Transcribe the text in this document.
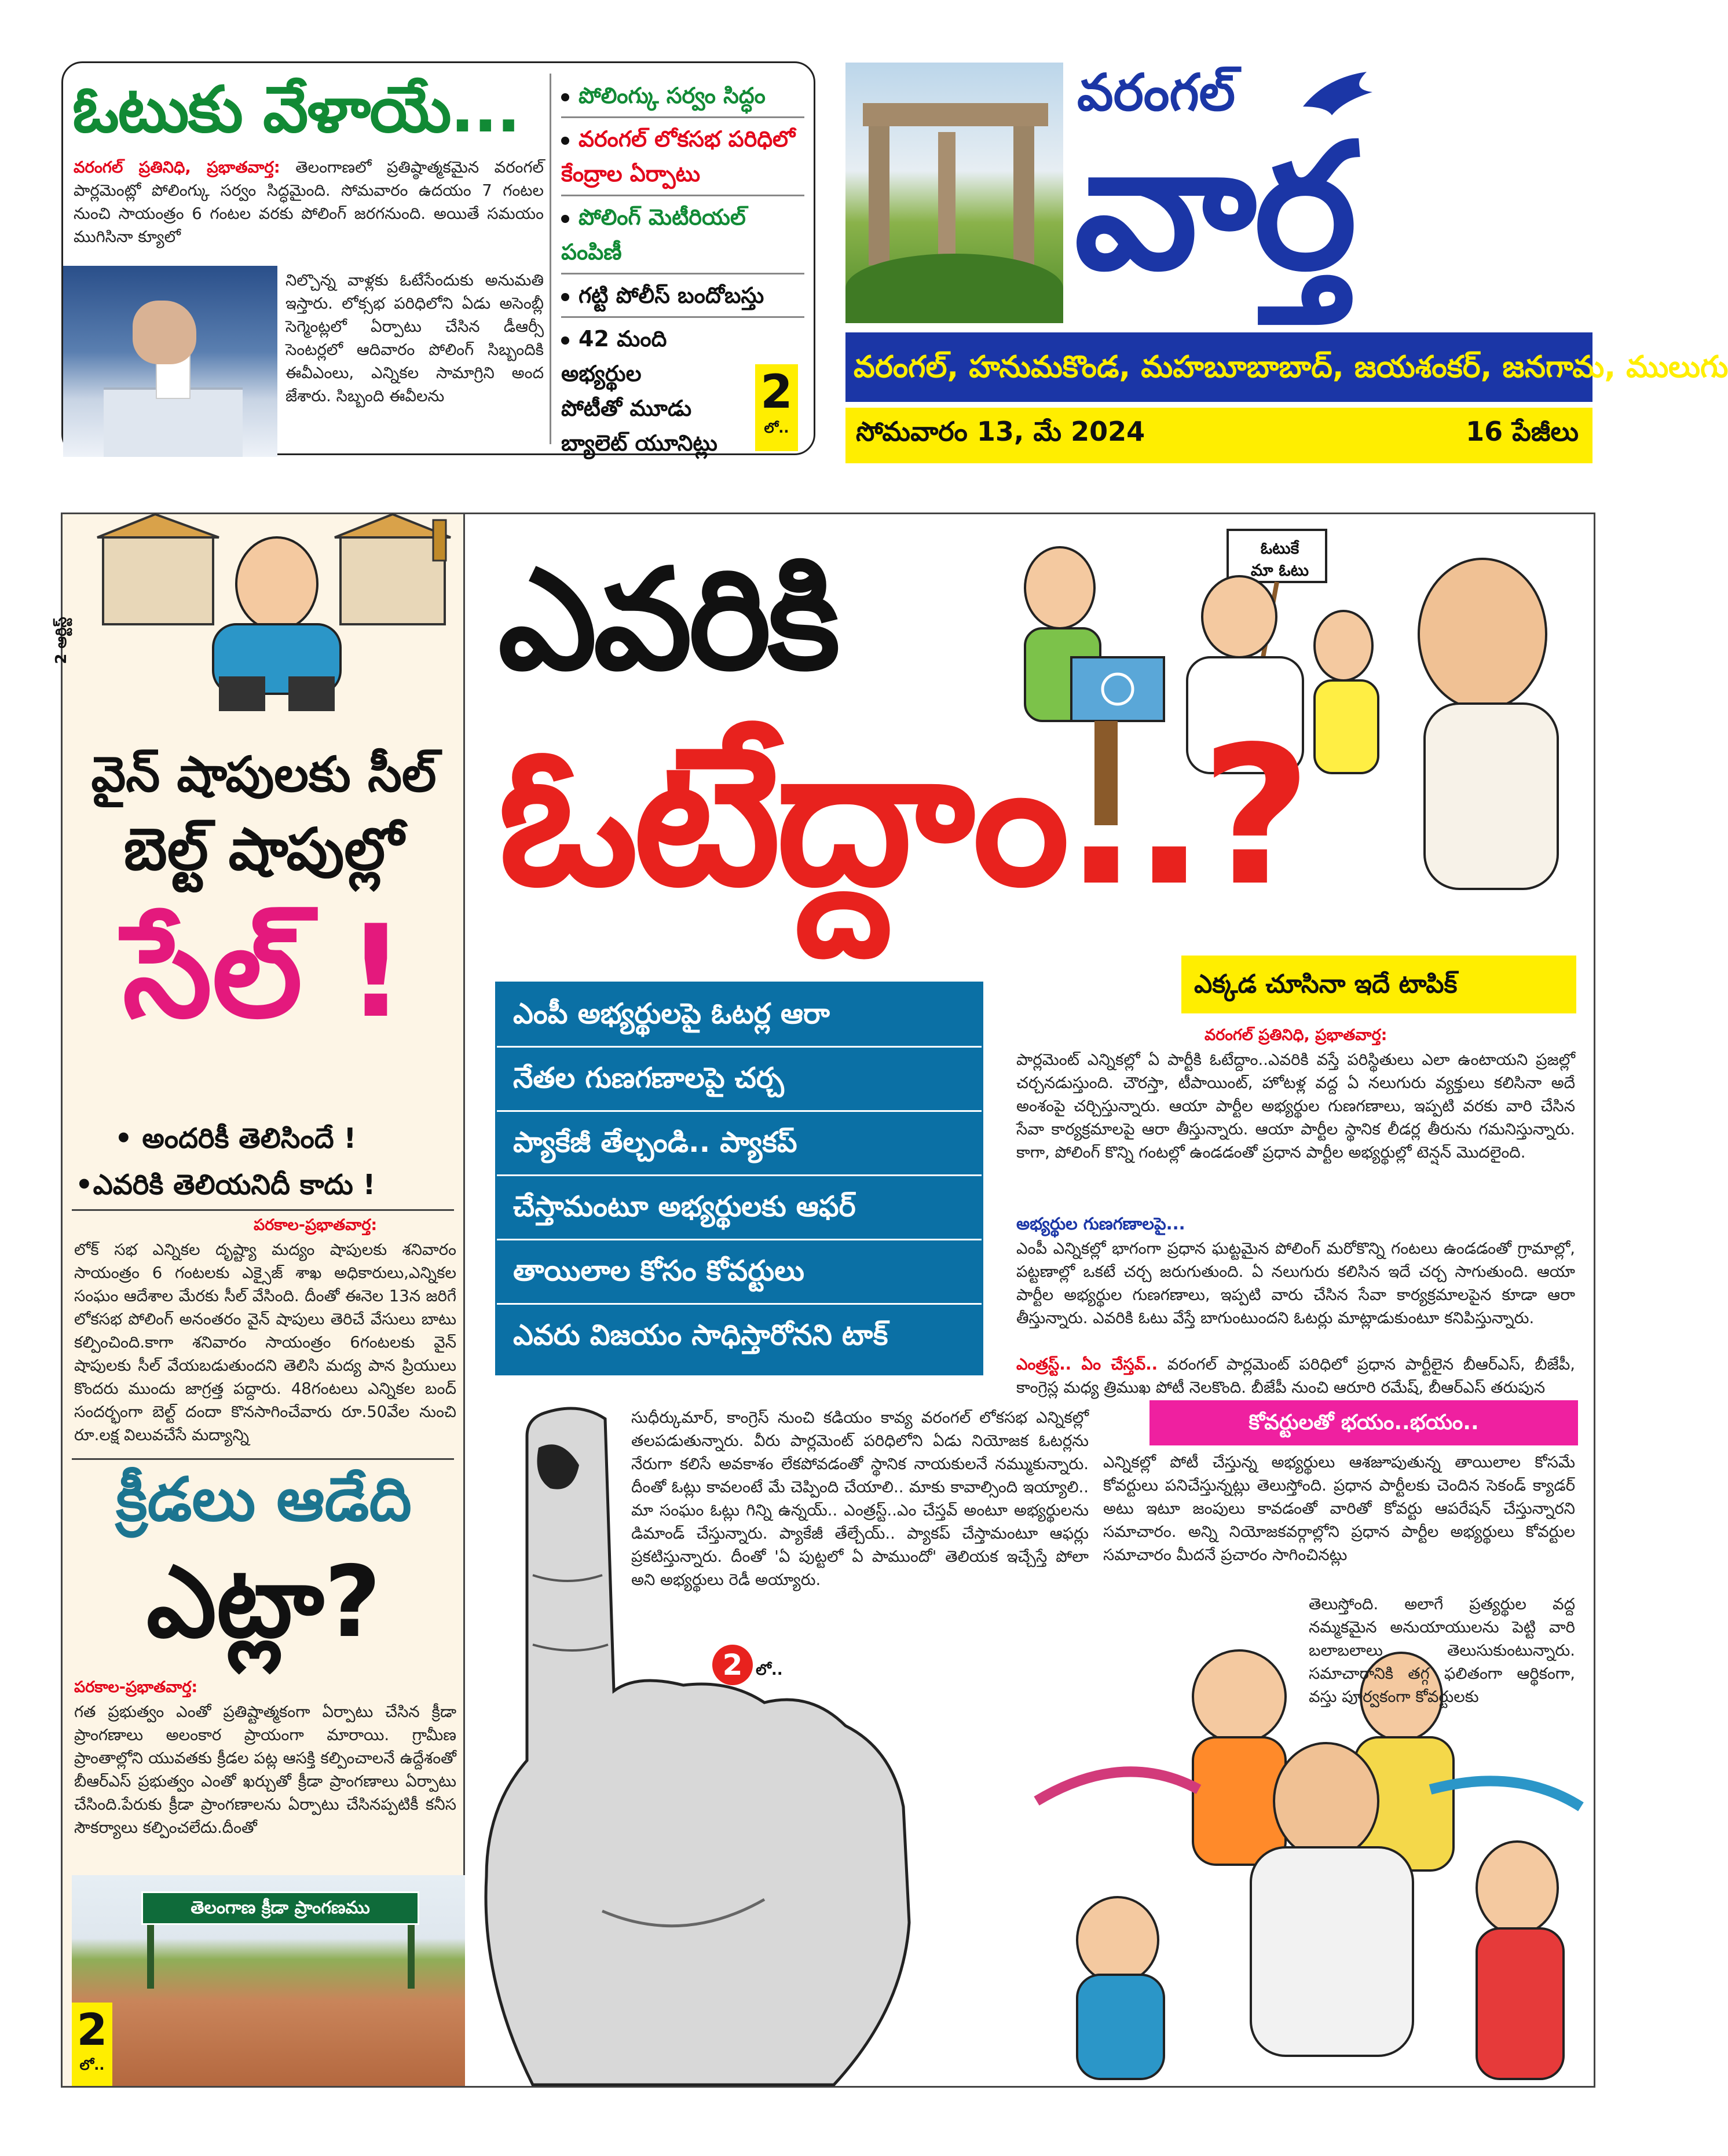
ఓటుకు వేళాయే...
వరంగల్ ప్రతినిధి, ప్రభాతవార్త: తెలంగాణలో ప్రతిష్ఠాత్మకమైన వరంగల్ పార్లమెంట్లో పోలింగ్కు సర్వం సిద్ధమైంది. సోమవారం ఉదయం 7 గంటల నుంచి సాయంత్రం 6 గంటల వరకు పోలింగ్ జరగనుంది. అయితే సమయం ముగిసినా క్యూలో
నిల్చొన్న వాళ్లకు ఓటేసేందుకు అనుమతి ఇస్తారు. లోక్సభ పరిధిలోని ఏడు అసెంబ్లీ సెగ్మెంట్లలో ఏర్పాటు చేసిన డీఆర్సీ సెంటర్లలో ఆదివారం పోలింగ్ సిబ్బందికి ఈవీఎంలు, ఎన్నికల సామాగ్రిని అంద జేశారు. సిబ్బంది ఈవీలను
పోలింగ్కు సర్వం సిద్ధం
వరంగల్ లోకసభ పరిధిలో
కేంద్రాల ఏర్పాటు
పోలింగ్ మెటీరియల్
పంపిణీ
గట్టి పోలీస్ బందోబస్తు
42 మంది అభ్యర్థుల
పోటీతో మూడు
బ్యాలెట్ యూనిట్లు
2
లో..
వరంగల్
వార్త
వరంగల్, హనుమకొండ, మహబూబాబాద్, జయశంకర్, జనగామ, ములుగు
సోమవారం 13, మే 2024	16 పేజీలు
2 ఆర్టిస్ట్
వైన్ షాపులకు సీల్
బెల్ట్ షాపుల్లో
సేల్ !
• అందరికీ తెలిసిందే !
•ఎవరికి తెలియనిదీ కాదు !
పరకాల-ప్రభాతవార్త:
లోక్ సభ ఎన్నికల దృష్ట్యా మద్యం షాపులకు శనివారం సాయంత్రం 6 గంటలకు ఎక్సైజ్ శాఖ అధికారులు,ఎన్నికల సంఘం ఆదేశాల మేరకు సీల్ వేసింది. దీంతో ఈనెల 13న జరిగే లోకసభ పోలింగ్ అనంతరం వైన్ షాపులు తెరిచే వేసులు బాటు కల్పించింది.కాగా శనివారం సాయంత్రం 6గంటలకు వైన్ షాపులకు సీల్ వేయబడుతుందని తెలిసి మద్య పాన ప్రియులు కొందరు ముందు జాగ్రత్త పద్దారు. 48గంటలు ఎన్నికల బంద్ సందర్భంగా బెల్ట్ దందా కొనసాగించేవారు రూ.50వేల నుంచి రూ.లక్ష విలువచేసే మద్యాన్ని
క్రీడలు ఆడేది
ఎట్లా?
పరకాల-ప్రభాతవార్త:
గత ప్రభుత్వం ఎంతో ప్రతిష్టాత్మకంగా ఏర్పాటు చేసిన క్రీడా ప్రాంగణాలు అలంకార ప్రాయంగా మారాయి. గ్రామీణ ప్రాంతాల్లోని యువతకు క్రీడల పట్ల ఆసక్తి కల్పించాలనే ఉద్దేశంతో బీఆర్ఎస్ ప్రభుత్వం ఎంతో ఖర్చుతో క్రీడా ప్రాంగణాలు ఏర్పాటు చేసింది.పేరుకు క్రీడా ప్రాంగణాలను ఏర్పాటు చేసినప్పటికీ కనీస సౌకర్యాలు కల్పించలేదు.దీంతో
తెలంగాణ క్రీడా ప్రాంగణము
2
లో..
ఎవరికి	ఓటుకే
మా ఓటు
ఓటేద్దాం..?
ఎక్కడ చూసినా ఇదే టాపిక్
ఎంపీ అభ్యర్థులపై ఓటర్ల ఆరా
నేతల గుణగణాలపై చర్చ
ప్యాకేజీ తేల్చండి.. ప్యాకప్
చేస్తామంటూ అభ్యర్థులకు ఆఫర్
తాయిలాల కోసం కోవర్టులు
ఎవరు విజయం సాధిస్తారోనని టాక్
వరంగల్ ప్రతినిధి, ప్రభాతవార్త:
పార్లమెంట్ ఎన్నికల్లో ఏ పార్టీకి ఓటేద్దాం..ఎవరికి వస్తే పరిస్థితులు ఎలా ఉంటాయని ప్రజల్లో చర్చనడుస్తుంది. చౌరస్తా, టీపాయింట్, హోటళ్ల వద్ద ఏ నలుగురు వ్యక్తులు కలిసినా అదే అంశంపై చర్చిస్తున్నారు. ఆయా పార్టీల అభ్యర్థుల గుణగణాలు, ఇప్పటి వరకు వారి చేసిన సేవా కార్యక్రమాలపై ఆరా తీస్తున్నారు. ఆయా పార్టీల స్థానిక లీడర్ల తీరును గమనిస్తున్నారు. కాగా, పోలింగ్ కొన్ని గంటల్లో ఉండడంతో ప్రధాన పార్టీల అభ్యర్థుల్లో టెన్షన్ మొదలైంది.
అభ్యర్థుల గుణగణాలపై...
ఎంపీ ఎన్నికల్లో భాగంగా ప్రధాన ఘట్టమైన పోలింగ్ మరోకొన్ని గంటలు ఉండడంతో గ్రామాల్లో, పట్టణాల్లో ఒకటే చర్చ జరుగుతుంది. ఏ నలుగురు కలిసిన ఇదే చర్చ సాగుతుంది. ఆయా పార్టీల అభ్యర్థుల గుణగణాలు, ఇప్పటి వారు చేసిన సేవా కార్యక్రమాలపైన కూడా ఆరా తీస్తున్నారు. ఎవరికి ఓటు వేస్తే బాగుంటుందని ఓటర్లు మాట్లాడుకుంటూ కనిపిస్తున్నారు.

ఎంత్రస్ట్.. ఏం చేస్తవ్.. వరంగల్ పార్లమెంట్ పరిధిలో ప్రధాన పార్టీలైన బీఆర్ఎస్, బీజేపీ, కాంగ్రెస్ల మధ్య త్రిముఖ పోటీ నెలకొంది. బీజేపీ నుంచి ఆరూరి రమేష్, బీఆర్ఎస్ తరుపున

సుధీర్కుమార్, కాంగ్రెస్ నుంచి కడియం కావ్య వరంగల్ లోకసభ ఎన్నికల్లో తలపడుతున్నారు. వీరు పార్లమెంట్ పరిధిలోని ఏడు నియోజక ఓటర్లను నేరుగా కలిసే అవకాశం లేకపోవడంతో స్థానిక నాయకులనే నమ్ముకున్నారు. దీంతో ఓట్లు కావలంటే మే చెప్పింది చేయాలి.. మాకు కావాల్సింది ఇయ్యాలి.. మా సంఘం ఓట్లు గిన్ని ఉన్నయ్.. ఎంత్రస్ట్..ఎం చేస్తవ్ అంటూ అభ్యర్థులను డిమాండ్ చేస్తున్నారు. ప్యాకేజీ తేల్చేయ్.. ప్యాకప్ చేస్తామంటూ ఆఫర్లు ప్రకటిస్తున్నారు. దీంతో 'ఏ పుట్టలో ఏ పాముందో' తెలియక ఇచ్చేస్తే పోలా అని అభ్యర్థులు రెడీ అయ్యారు.
2 లో..
కోవర్టులతో భయం..భయం..
ఎన్నికల్లో పోటీ చేస్తున్న అభ్యర్థులు ఆశజూపుతున్న తాయిలాల కోసమే కోవర్టులు పనిచేస్తున్నట్లు తెలుస్తోంది. ప్రధాన పార్టీలకు చెందిన సెకండ్ క్యాడర్ అటు ఇటూ జంపులు కావడంతో వారితో కోవర్టు ఆపరేషన్ చేస్తున్నారని సమాచారం. అన్ని నియోజకవర్గాల్లోని ప్రధాన పార్టీల అభ్యర్థులు కోవర్టుల సమాచారం మీదనే ప్రచారం సాగించినట్లు
తెలుస్తోంది. అలాగే ప్రత్యర్థుల వద్ద నమ్మకమైన అనుయాయులను పెట్టి వారి బలాబలాలు తెలుసుకుంటున్నారు. సమాచారానికి తగ్గ ఫలితంగా ఆర్థికంగా, వస్తు పూర్వకంగా కోవర్టులకు
